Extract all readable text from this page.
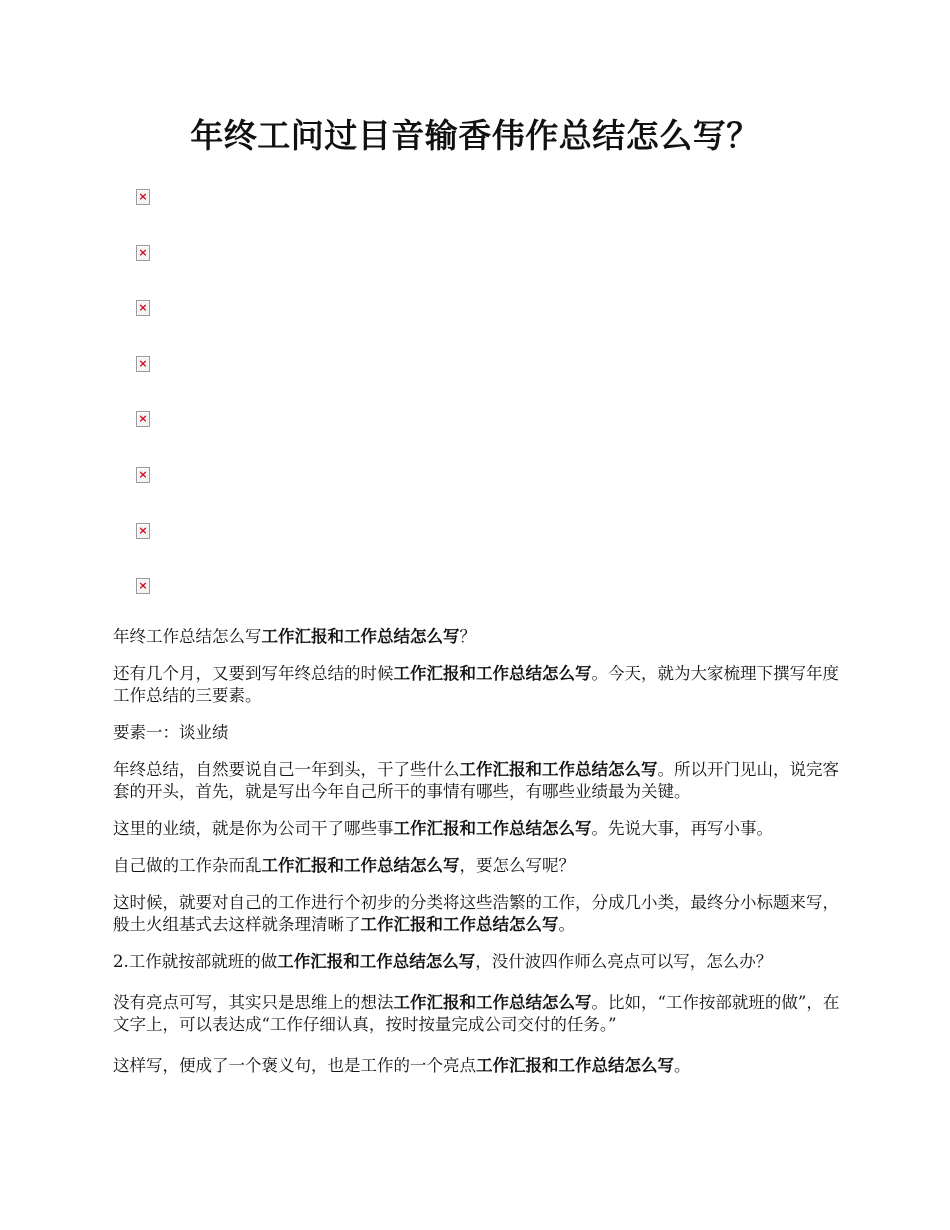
年终工问过目音输香伟作总结怎么写？
×
×
×
×
×
×
×
×

年终工作总结怎么写工作汇报和工作总结怎么写？

还有几个月，又要到写年终总结的时候工作汇报和工作总结怎么写。今天，就为大家梳理下撰写年度工作总结的三要素。

要素一：谈业绩

年终总结，自然要说自己一年到头，干了些什么工作汇报和工作总结怎么写。所以开门见山，说完客套的开头，首先，就是写出今年自己所干的事情有哪些，有哪些业绩最为关键。

这里的业绩，就是你为公司干了哪些事工作汇报和工作总结怎么写。先说大事，再写小事。

自己做的工作杂而乱工作汇报和工作总结怎么写，要怎么写呢？

这时候，就要对自己的工作进行个初步的分类将这些浩繁的工作，分成几小类，最终分小标题来写，般土火组基式去这样就条理清晰了工作汇报和工作总结怎么写。

2.工作就按部就班的做工作汇报和工作总结怎么写，没什波四作师么亮点可以写，怎么办？

没有亮点可写，其实只是思维上的想法工作汇报和工作总结怎么写。比如，“工作按部就班的做”，在文字上，可以表达成“工作仔细认真，按时按量完成公司交付的任务。”

这样写，便成了一个褒义句，也是工作的一个亮点工作汇报和工作总结怎么写。
